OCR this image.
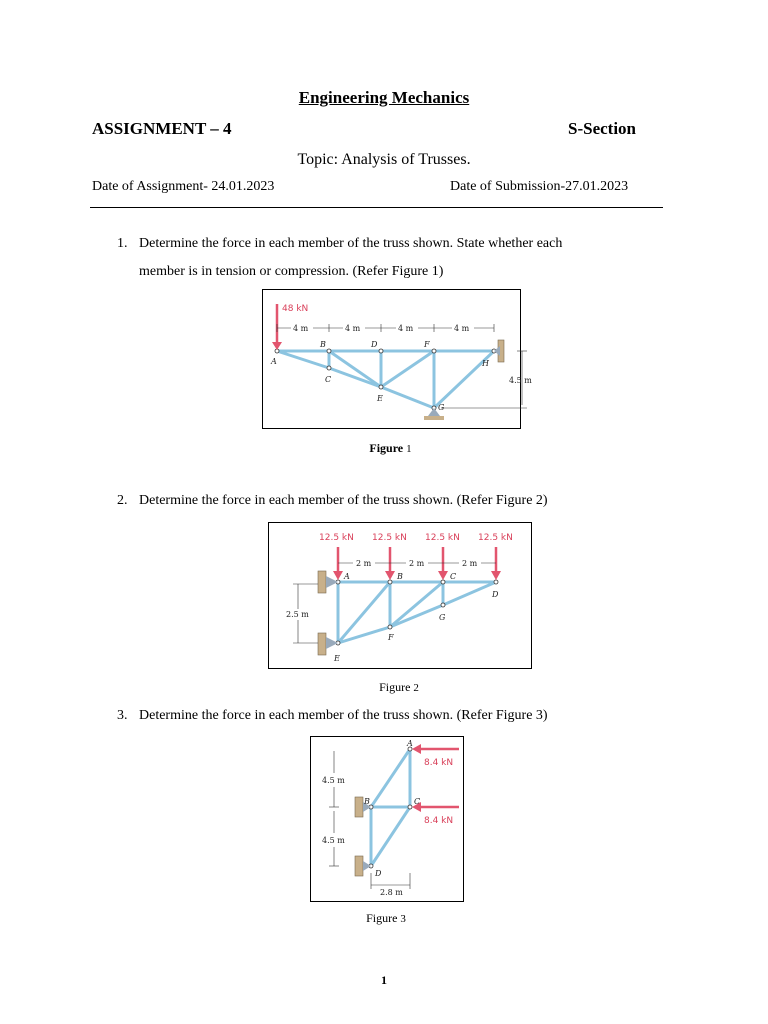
Engineering Mechanics
ASSIGNMENT – 4	S-Section
Topic: Analysis of Trusses.
Date of Assignment- 24.01.2023	Date of Submission-27.01.2023
1. Determine the force in each member of the truss shown. State whether each
member is in tension or compression. (Refer Figure 1)
48 kN
4 m	4 m	4 m	4 m
4.5 m
A
B
C
D
E
F
G
H
Figure 1
2. Determine the force in each member of the truss shown. (Refer Figure 2)
12.5 kN 12.5 kN 12.5 kN 12.5 kN
2 m	2 m	2 m
2.5 m
A	B	C
D
E
F
G
Figure 2
3. Determine the force in each member of the truss shown. (Refer Figure 3)
8.4 kN
8.4 kN
4.5 m
4.5 m
2.8 m
A
B	C
D
Figure 3
1
